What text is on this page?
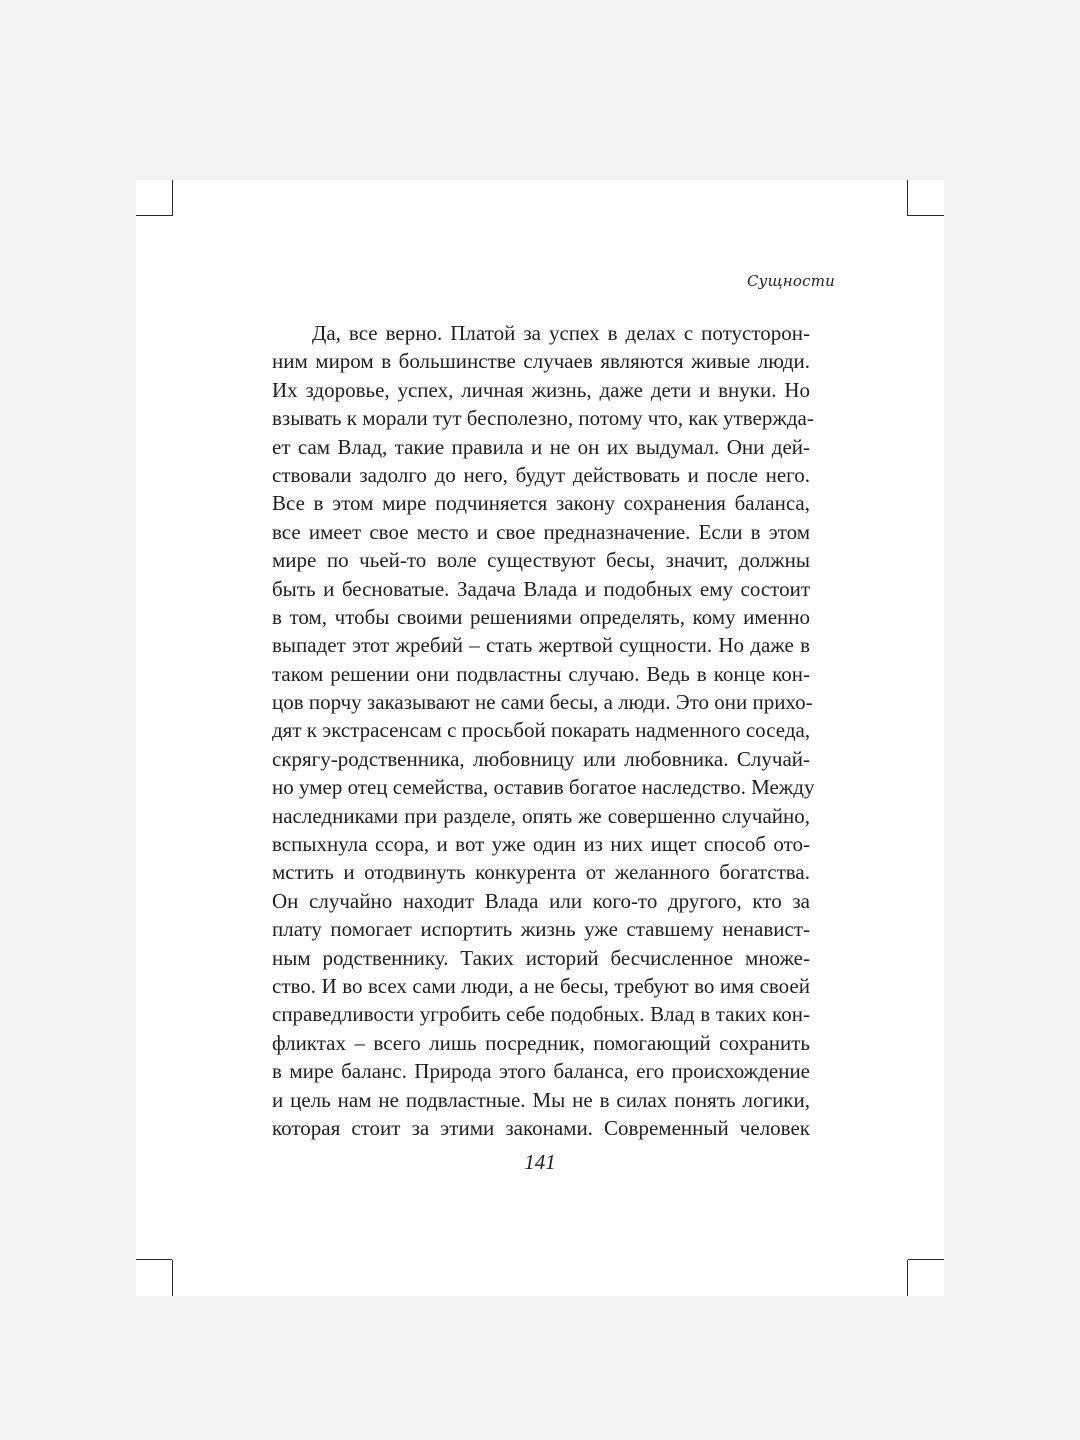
Сущности
Да, все верно. Платой за успех в делах с потусторон-
ним миром в большинстве случаев являются живые люди.
Их здоровье, успех, личная жизнь, даже дети и внуки. Но
взывать к морали тут бесполезно, потому что, как утвержда-
ет сам Влад, такие правила и не он их выдумал. Они дей-
ствовали задолго до него, будут действовать и после него.
Все в этом мире подчиняется закону сохранения баланса,
все имеет свое место и свое предназначение. Если в этом
мире по чьей-то воле существуют бесы, значит, должны
быть и бесноватые. Задача Влада и подобных ему состоит
в том, чтобы своими решениями определять, кому именно
выпадет этот жребий – стать жертвой сущности. Но даже в
таком решении они подвластны случаю. Ведь в конце кон-
цов порчу заказывают не сами бесы, а люди. Это они прихо-
дят к экстрасенсам с просьбой покарать надменного соседа,
скрягу-родственника, любовницу или любовника. Случай-
но умер отец семейства, оставив богатое наследство. Между
наследниками при разделе, опять же совершенно случайно,
вспыхнула ссора, и вот уже один из них ищет способ ото-
мстить и отодвинуть конкурента от желанного богатства.
Он случайно находит Влада или кого-то другого, кто за
плату помогает испортить жизнь уже ставшему ненавист-
ным родственнику. Таких историй бесчисленное множе-
ство. И во всех сами люди, а не бесы, требуют во имя своей
справедливости угробить себе подобных. Влад в таких кон-
фликтах – всего лишь посредник, помогающий сохранить
в мире баланс. Природа этого баланса, его происхождение
и цель нам не подвластные. Мы не в силах понять логики,
которая стоит за этими законами. Современный человек
141
